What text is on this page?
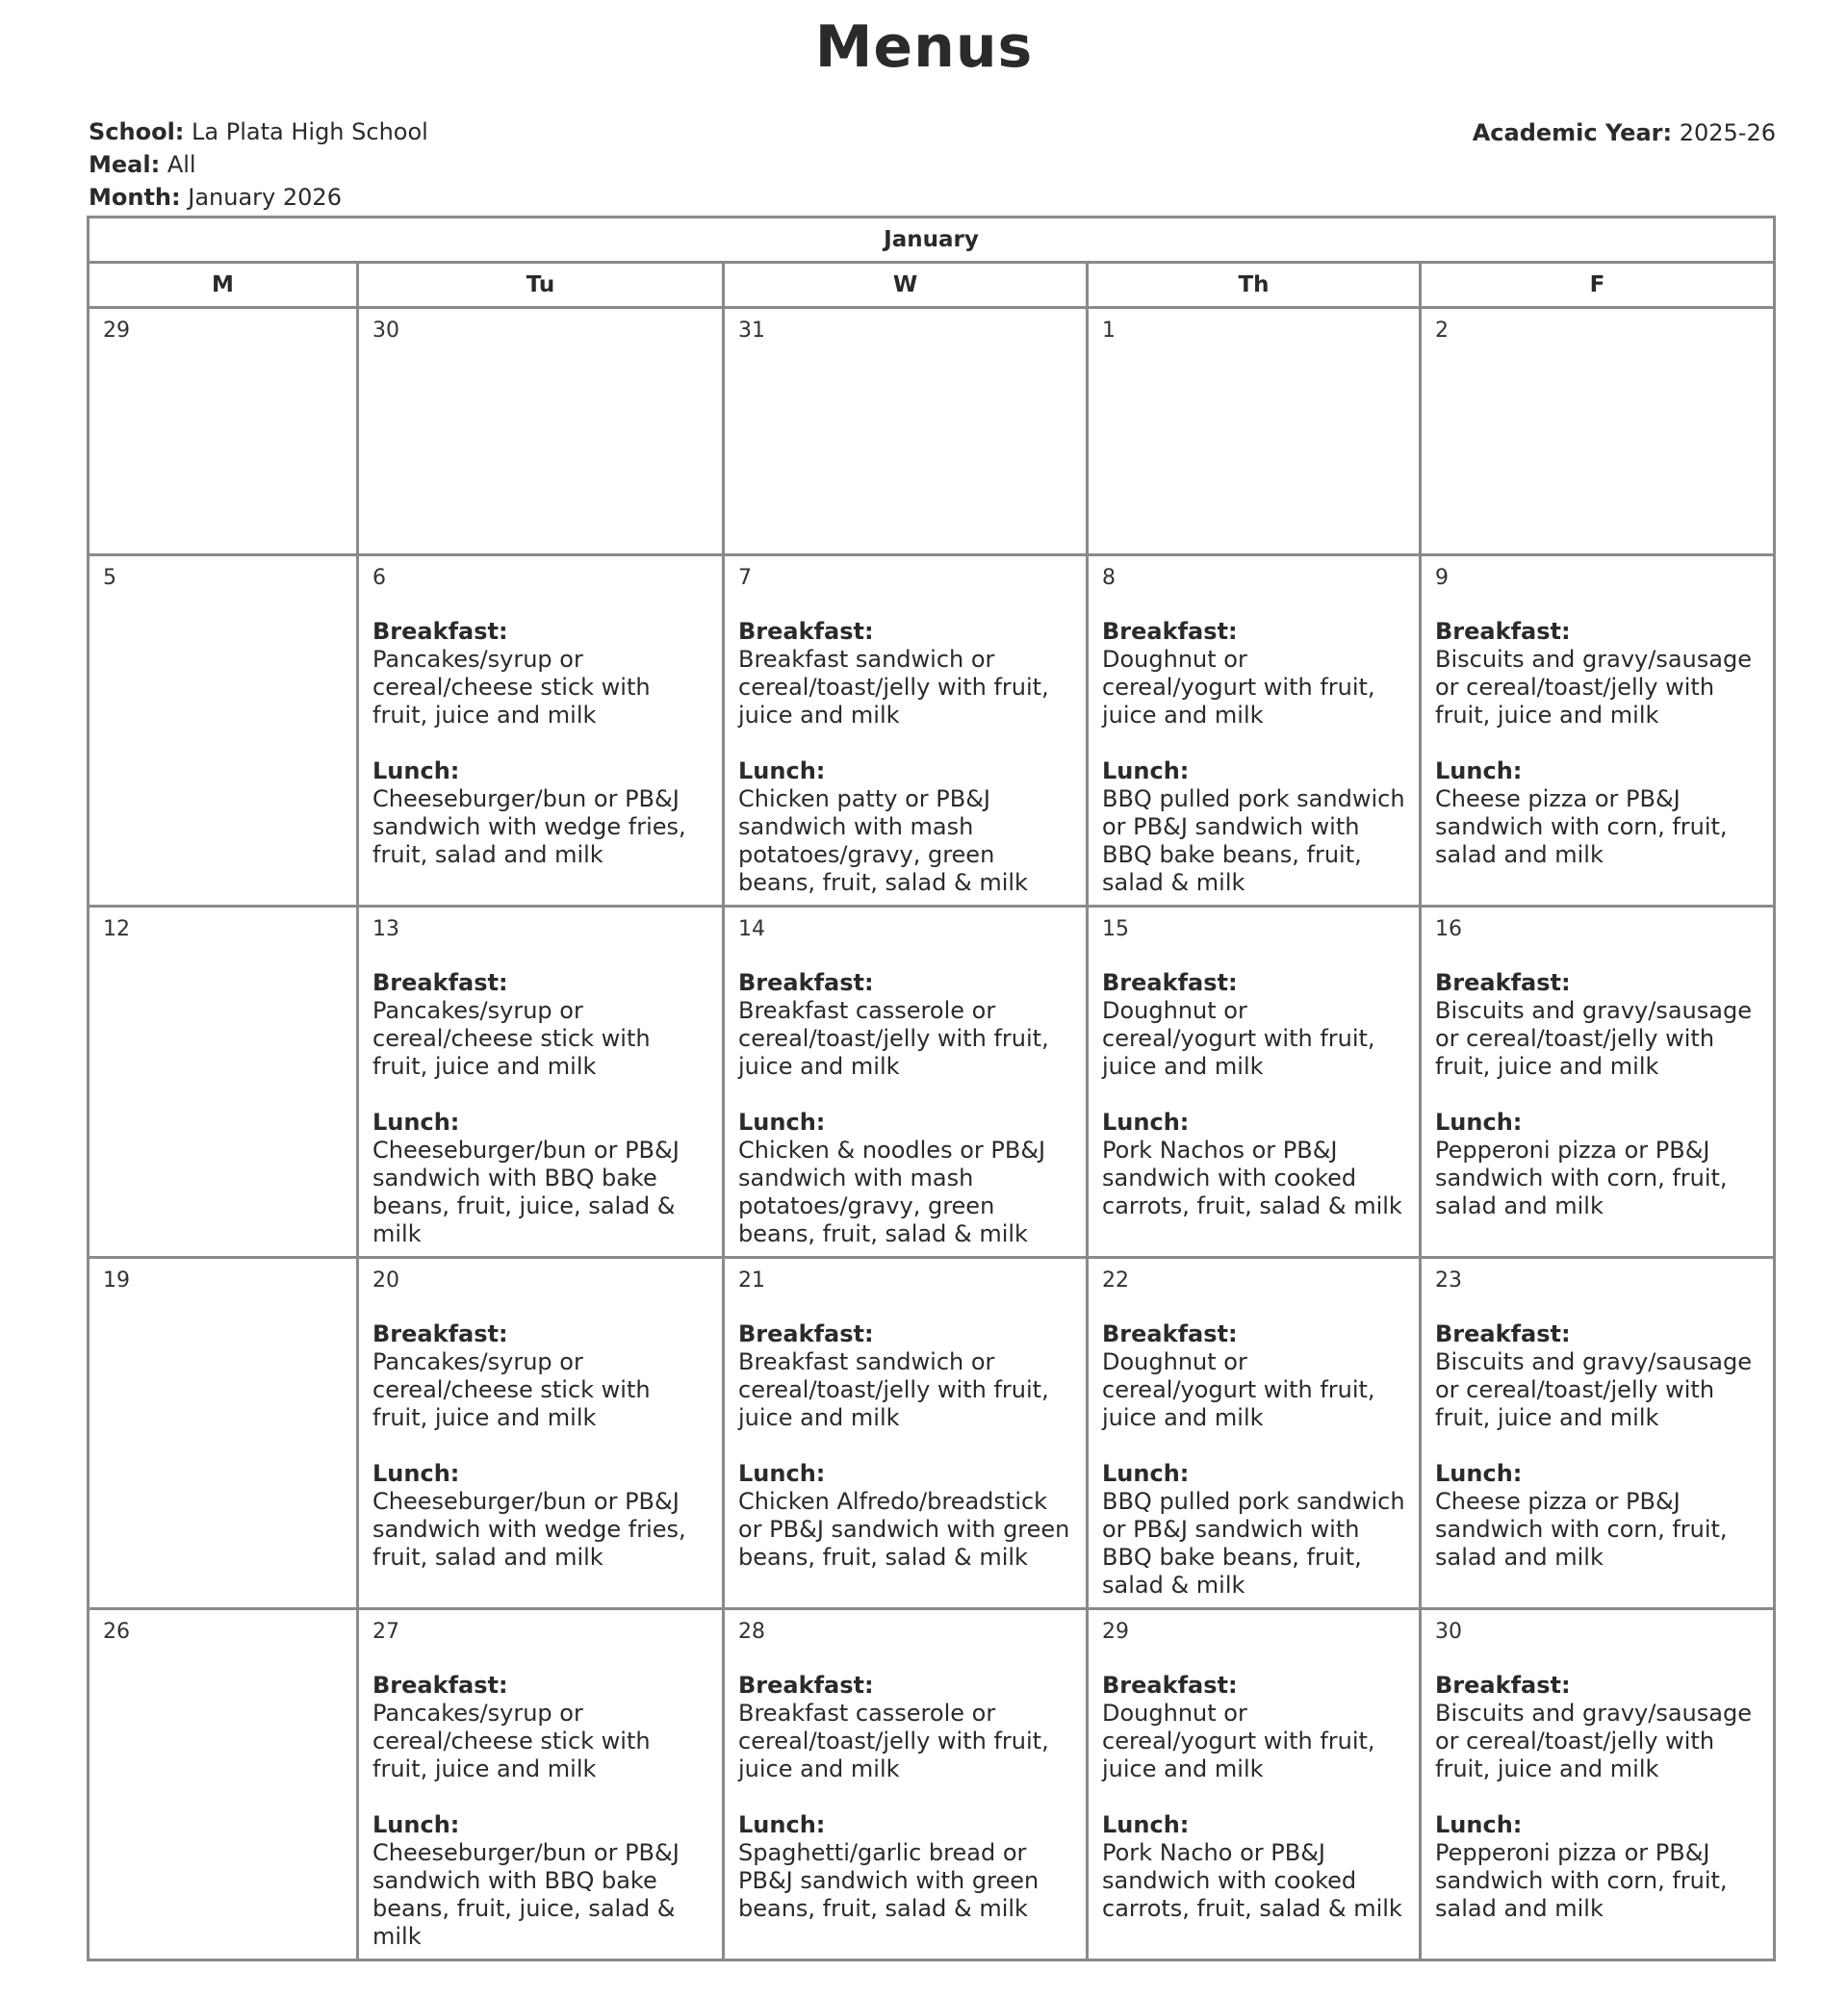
Menus
School: La Plata High School
Meal: All
Month: January 2026
Academic Year: 2025-26
January				
M	Tu	W	Th	F

29	30	31	1	2

5	6
Breakfast:
Pancakes/syrup or cereal/cheese stick with fruit, juice and milk
Lunch:
Cheeseburger/bun or PB&J sandwich with wedge fries, fruit, salad and milk	7
Breakfast:
Breakfast sandwich or cereal/toast/jelly with fruit, juice and milk
Lunch:
Chicken patty or PB&J sandwich with mash potatoes/gravy, green beans, fruit, salad & milk	8
Breakfast:
Doughnut or cereal/yogurt with fruit, juice and milk
Lunch:
BBQ pulled pork sandwich or PB&J sandwich with BBQ bake beans, fruit, salad & milk	9
Breakfast:
Biscuits and gravy/sausage or cereal/toast/jelly with fruit, juice and milk
Lunch:
Cheese pizza or PB&J sandwich with corn, fruit, salad and milk

12	13
Breakfast:
Pancakes/syrup or cereal/cheese stick with fruit, juice and milk
Lunch:
Cheeseburger/bun or PB&J sandwich with BBQ bake beans, fruit, juice, salad & milk	14
Breakfast:
Breakfast casserole or cereal/toast/jelly with fruit, juice and milk
Lunch:
Chicken & noodles or PB&J sandwich with mash potatoes/gravy, green beans, fruit, salad & milk	15
Breakfast:
Doughnut or cereal/yogurt with fruit, juice and milk
Lunch:
Pork Nachos or PB&J sandwich with cooked carrots, fruit, salad & milk	16
Breakfast:
Biscuits and gravy/sausage or cereal/toast/jelly with fruit, juice and milk
Lunch:
Pepperoni pizza or PB&J sandwich with corn, fruit, salad and milk

19	20
Breakfast:
Pancakes/syrup or cereal/cheese stick with fruit, juice and milk
Lunch:
Cheeseburger/bun or PB&J sandwich with wedge fries, fruit, salad and milk	21
Breakfast:
Breakfast sandwich or cereal/toast/jelly with fruit, juice and milk
Lunch:
Chicken Alfredo/breadstick or PB&J sandwich with green beans, fruit, salad & milk	22
Breakfast:
Doughnut or cereal/yogurt with fruit, juice and milk
Lunch:
BBQ pulled pork sandwich or PB&J sandwich with BBQ bake beans, fruit, salad & milk	23
Breakfast:
Biscuits and gravy/sausage or cereal/toast/jelly with fruit, juice and milk
Lunch:
Cheese pizza or PB&J sandwich with corn, fruit, salad and milk

26	27
Breakfast:
Pancakes/syrup or cereal/cheese stick with fruit, juice and milk
Lunch:
Cheeseburger/bun or PB&J sandwich with BBQ bake beans, fruit, juice, salad & milk	28
Breakfast:
Breakfast casserole or cereal/toast/jelly with fruit, juice and milk
Lunch:
Spaghetti/garlic bread or PB&J sandwich with green beans, fruit, salad & milk	29
Breakfast:
Doughnut or cereal/yogurt with fruit, juice and milk
Lunch:
Pork Nacho or PB&J sandwich with cooked carrots, fruit, salad & milk	30
Breakfast:
Biscuits and gravy/sausage or cereal/toast/jelly with fruit, juice and milk
Lunch:
Pepperoni pizza or PB&J sandwich with corn, fruit, salad and milk
